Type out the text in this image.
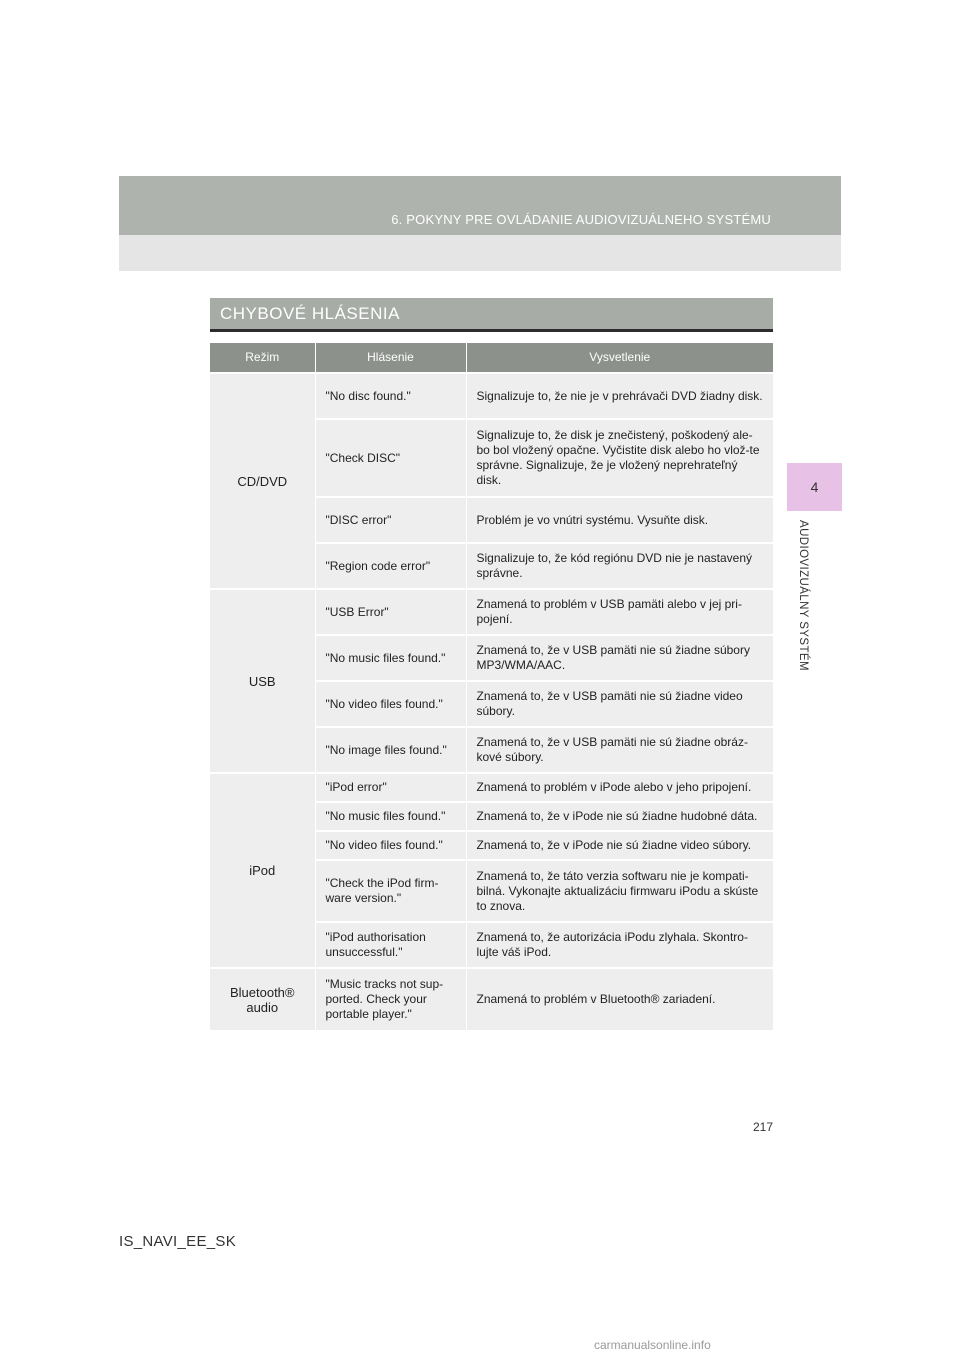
6. POKYNY PRE OVLÁDANIE AUDIOVIZUÁLNEHO SYSTÉMU
4
AUDIOVIZUÁLNY SYSTÉM
CHYBOVÉ HLÁSENIA
Režim	Hlásenie	Vysvetlenie
CD/DVD	"No disc found."	Signalizuje to, že nie je v prehrávači DVD žiadny disk.
	"Check DISC"	Signalizuje to, že disk je znečistený, poškodený ale-bo bol vložený opačne. Vyčistite disk alebo ho vlož-te správne. Signalizuje, že je vložený neprehrateľný disk.
	"DISC error"	Problém je vo vnútri systému. Vysuňte disk.
	"Region code error"	Signalizuje to, že kód regiónu DVD nie je nastavený správne.
USB	"USB Error"	Znamená to problém v USB pamäti alebo v jej pri-pojení.
	"No music files found."	Znamená to, že v USB pamäti nie sú žiadne súbory MP3/WMA/AAC.
	"No video files found."	Znamená to, že v USB pamäti nie sú žiadne video súbory.
	"No image files found."	Znamená to, že v USB pamäti nie sú žiadne obráz-kové súbory.
iPod	"iPod error"	Znamená to problém v iPode alebo v jeho pripojení.
	"No music files found."	Znamená to, že v iPode nie sú žiadne hudobné dáta.
	"No video files found."	Znamená to, že v iPode nie sú žiadne video súbory.
	"Check the iPod firm-ware version."	Znamená to, že táto verzia softwaru nie je kompati-bilná. Vykonajte aktualizáciu firmwaru iPodu a skúste to znova.
	"iPod authorisation unsuccessful."	Znamená to, že autorizácia iPodu zlyhala. Skontro-lujte váš iPod.
Bluetooth® audio	"Music tracks not sup-ported. Check your portable player."	Znamená to problém v Bluetooth® zariadení.
217
IS_NAVI_EE_SK
carmanualsonline.info
